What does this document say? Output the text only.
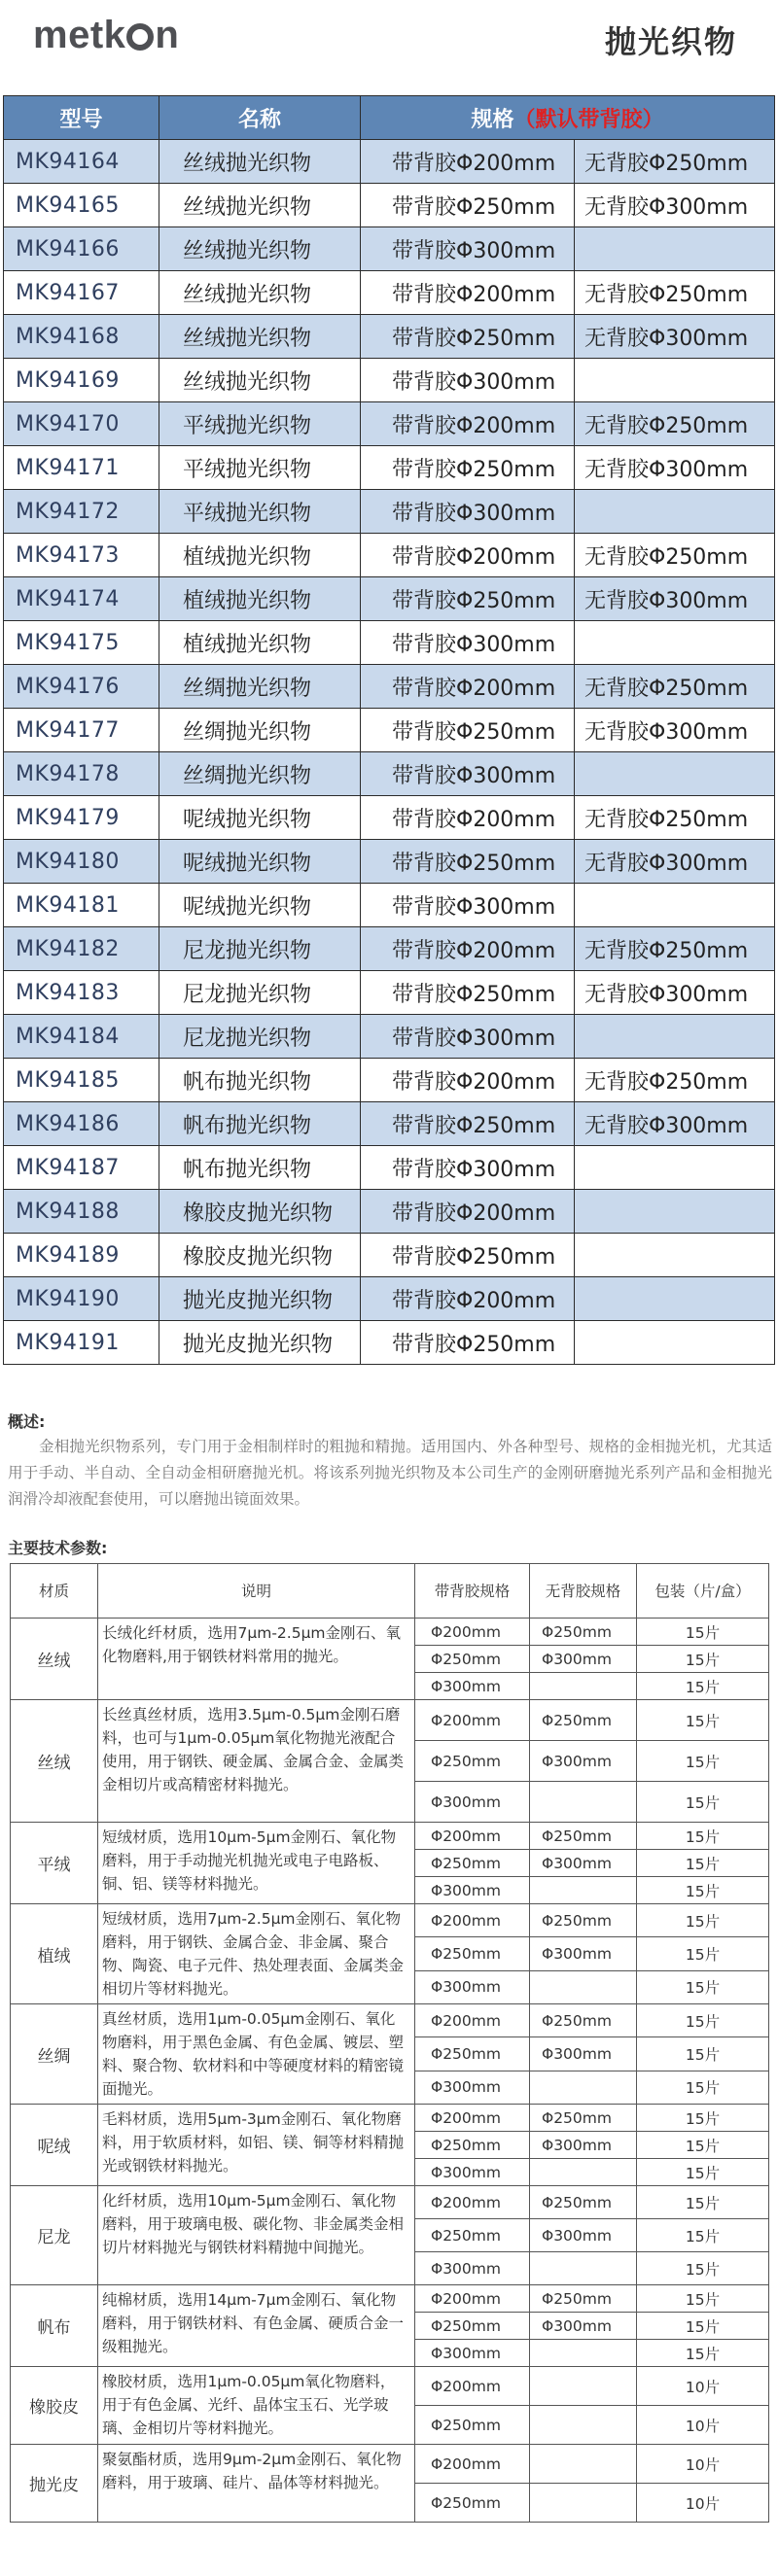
metk n	抛光织物
型号	名称	规格（默认带背胶）	
MK94164	丝绒抛光织物	带背胶Φ200mm	无背胶Φ250mm
MK94165	丝绒抛光织物	带背胶Φ250mm	无背胶Φ300mm
MK94166	丝绒抛光织物	带背胶Φ300mm	
MK94167	丝绒抛光织物	带背胶Φ200mm	无背胶Φ250mm
MK94168	丝绒抛光织物	带背胶Φ250mm	无背胶Φ300mm
MK94169	丝绒抛光织物	带背胶Φ300mm	
MK94170	平绒抛光织物	带背胶Φ200mm	无背胶Φ250mm
MK94171	平绒抛光织物	带背胶Φ250mm	无背胶Φ300mm
MK94172	平绒抛光织物	带背胶Φ300mm	
MK94173	植绒抛光织物	带背胶Φ200mm	无背胶Φ250mm
MK94174	植绒抛光织物	带背胶Φ250mm	无背胶Φ300mm
MK94175	植绒抛光织物	带背胶Φ300mm	
MK94176	丝绸抛光织物	带背胶Φ200mm	无背胶Φ250mm
MK94177	丝绸抛光织物	带背胶Φ250mm	无背胶Φ300mm
MK94178	丝绸抛光织物	带背胶Φ300mm	
MK94179	呢绒抛光织物	带背胶Φ200mm	无背胶Φ250mm
MK94180	呢绒抛光织物	带背胶Φ250mm	无背胶Φ300mm
MK94181	呢绒抛光织物	带背胶Φ300mm	
MK94182	尼龙抛光织物	带背胶Φ200mm	无背胶Φ250mm
MK94183	尼龙抛光织物	带背胶Φ250mm	无背胶Φ300mm
MK94184	尼龙抛光织物	带背胶Φ300mm	
MK94185	帆布抛光织物	带背胶Φ200mm	无背胶Φ250mm
MK94186	帆布抛光织物	带背胶Φ250mm	无背胶Φ300mm
MK94187	帆布抛光织物	带背胶Φ300mm	
MK94188	橡胶皮抛光织物	带背胶Φ200mm	
MK94189	橡胶皮抛光织物	带背胶Φ250mm	
MK94190	抛光皮抛光织物	带背胶Φ200mm	
MK94191	抛光皮抛光织物	带背胶Φ250mm	
概述:
金相抛光织物系列，专门用于金相制样时的粗抛和精抛。适用国内、外各种型号、规格的金相抛光机，尤其适用于手动、半自动、全自动金相研磨抛光机。将该系列抛光织物及本公司生产的金刚研磨抛光系列产品和金相抛光润滑冷却液配套使用，可以磨抛出镜面效果。
主要技术参数:
材质	说明	带背胶规格	无背胶规格	包装（片/盒）
丝绒	长绒化纤材质，选用7μm-2.5μm金刚石、氧化物磨料,用于钢铁材料常用的抛光。	Φ200mm	Φ250mm	15片
		Φ250mm	Φ300mm	15片
		Φ300mm		15片
丝绒	长丝真丝材质，选用3.5μm-0.5μm金刚石磨料，也可与1μm-0.05μm氧化物抛光液配合使用，用于钢铁、硬金属、金属合金、金属类金相切片或高精密材料抛光。	Φ200mm	Φ250mm	15片
		Φ250mm	Φ300mm	15片
		Φ300mm		15片
平绒	短绒材质，选用10μm-5μm金刚石、氧化物磨料，用于手动抛光机抛光或电子电路板、铜、铝、镁等材料抛光。	Φ200mm	Φ250mm	15片
		Φ250mm	Φ300mm	15片
		Φ300mm		15片
植绒	短绒材质，选用7μm-2.5μm金刚石、氧化物磨料，用于钢铁、金属合金、非金属、聚合物、陶瓷、电子元件、热处理表面、金属类金相切片等材料抛光。	Φ200mm	Φ250mm	15片
		Φ250mm	Φ300mm	15片
		Φ300mm		15片
丝绸	真丝材质，选用1μm-0.05μm金刚石、氧化物磨料，用于黑色金属、有色金属、镀层、塑料、聚合物、软材料和中等硬度材料的精密镜面抛光。	Φ200mm	Φ250mm	15片
		Φ250mm	Φ300mm	15片
		Φ300mm		15片
呢绒	毛料材质，选用5μm-3μm金刚石、氧化物磨料，用于软质材料，如铝、镁、铜等材料精抛光或钢铁材料抛光。	Φ200mm	Φ250mm	15片
		Φ250mm	Φ300mm	15片
		Φ300mm		15片
尼龙	化纤材质，选用10μm-5μm金刚石、氧化物磨料，用于玻璃电极、碳化物、非金属类金相切片材料抛光与钢铁材料精抛中间抛光。	Φ200mm	Φ250mm	15片
		Φ250mm	Φ300mm	15片
		Φ300mm		15片
帆布	纯棉材质，选用14μm-7μm金刚石、氧化物磨料，用于钢铁材料、有色金属、硬质合金一级粗抛光。	Φ200mm	Φ250mm	15片
		Φ250mm	Φ300mm	15片
		Φ300mm		15片
橡胶皮	橡胶材质，选用1μm-0.05μm氧化物磨料，用于有色金属、光纤、晶体宝玉石、光学玻璃、金相切片等材料抛光。	Φ200mm		10片
		Φ250mm		10片
抛光皮	聚氨酯材质，选用9μm-2μm金刚石、氧化物磨料，用于玻璃、硅片、晶体等材料抛光。	Φ200mm		10片
		Φ250mm		10片
